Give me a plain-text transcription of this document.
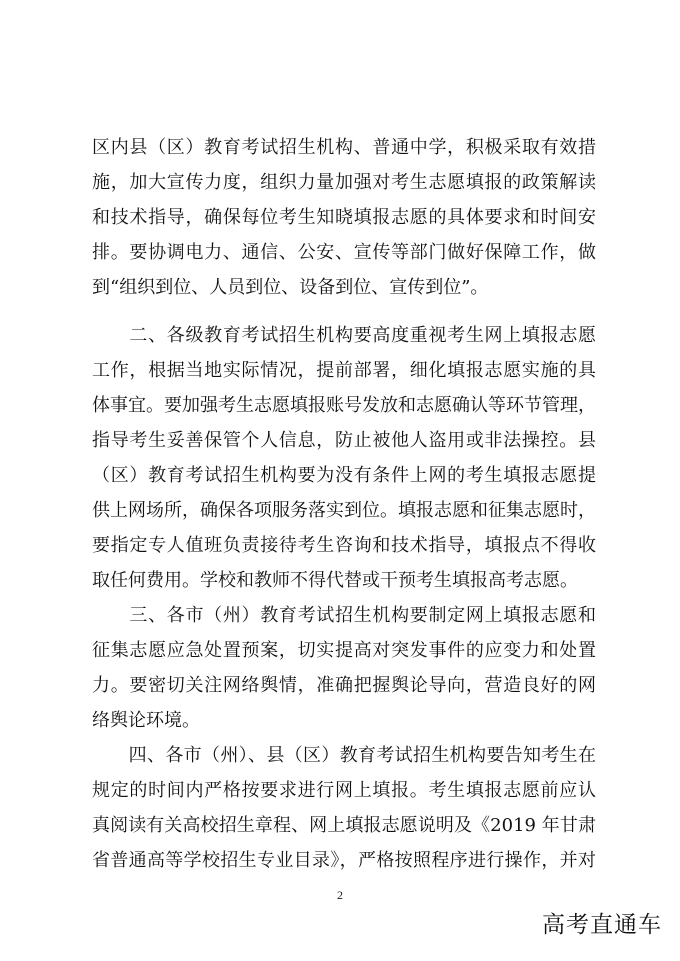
区内县（区）教育考试招生机构、普通中学，积极采取有效措
施，加大宣传力度，组织力量加强对考生志愿填报的政策解读
和技术指导，确保每位考生知晓填报志愿的具体要求和时间安
排。要协调电力、通信、公安、宣传等部门做好保障工作，做
到“组织到位、人员到位、设备到位、宣传到位”。
　　二、各级教育考试招生机构要高度重视考生网上填报志愿
工作，根据当地实际情况，提前部署，细化填报志愿实施的具
体事宜。要加强考生志愿填报账号发放和志愿确认等环节管理，
指导考生妥善保管个人信息，防止被他人盗用或非法操控。县
（区）教育考试招生机构要为没有条件上网的考生填报志愿提
供上网场所，确保各项服务落实到位。填报志愿和征集志愿时，
要指定专人值班负责接待考生咨询和技术指导，填报点不得收
取任何费用。学校和教师不得代替或干预考生填报高考志愿。
　　三、各市（州）教育考试招生机构要制定网上填报志愿和
征集志愿应急处置预案，切实提高对突发事件的应变力和处置
力。要密切关注网络舆情，准确把握舆论导向，营造良好的网
络舆论环境。
　　四、各市（州）、县（区）教育考试招生机构要告知考生在
规定的时间内严格按要求进行网上填报。考生填报志愿前应认
真阅读有关高校招生章程、网上填报志愿说明及《2019 年甘肃
省普通高等学校招生专业目录》，严格按照程序进行操作，并对
2
高考直通车
